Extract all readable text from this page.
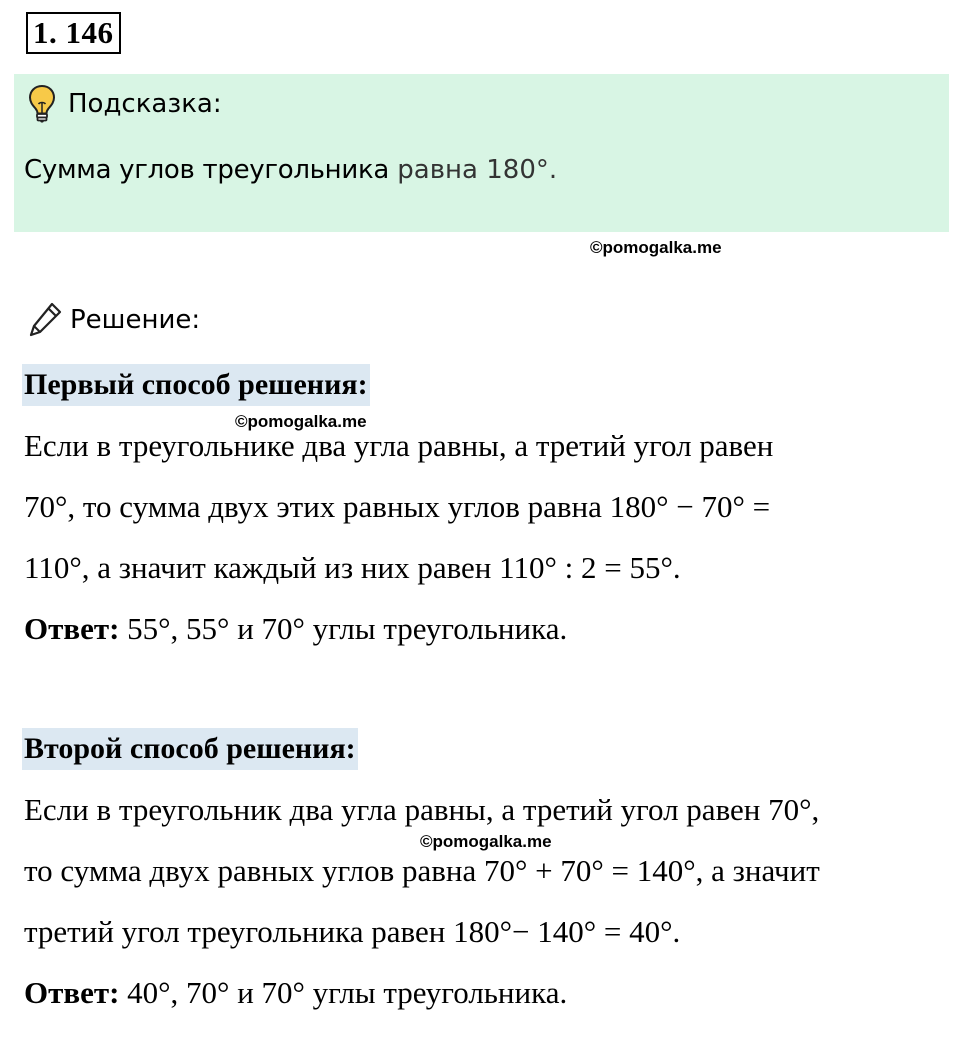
1. 146
Подсказка:
Сумма углов треугольника равна 180°.
©pomogalka.me
Решение:
Первый способ решения:
©pomogalka.me
Если в треугольнике два угла равны, а третий угол равен
70°, то сумма двух этих равных углов равна 180° − 70° =
110°, а значит каждый из них равен 110° : 2 = 55°.
Ответ: 55°, 55° и 70° углы треугольника.
Второй способ решения:
Если в треугольник два угла равны, а третий угол равен 70°,
©pomogalka.me
то сумма двух равных углов равна 70° + 70° = 140°, а значит
третий угол треугольника равен 180°− 140° = 40°.
Ответ: 40°, 70° и 70° углы треугольника.
